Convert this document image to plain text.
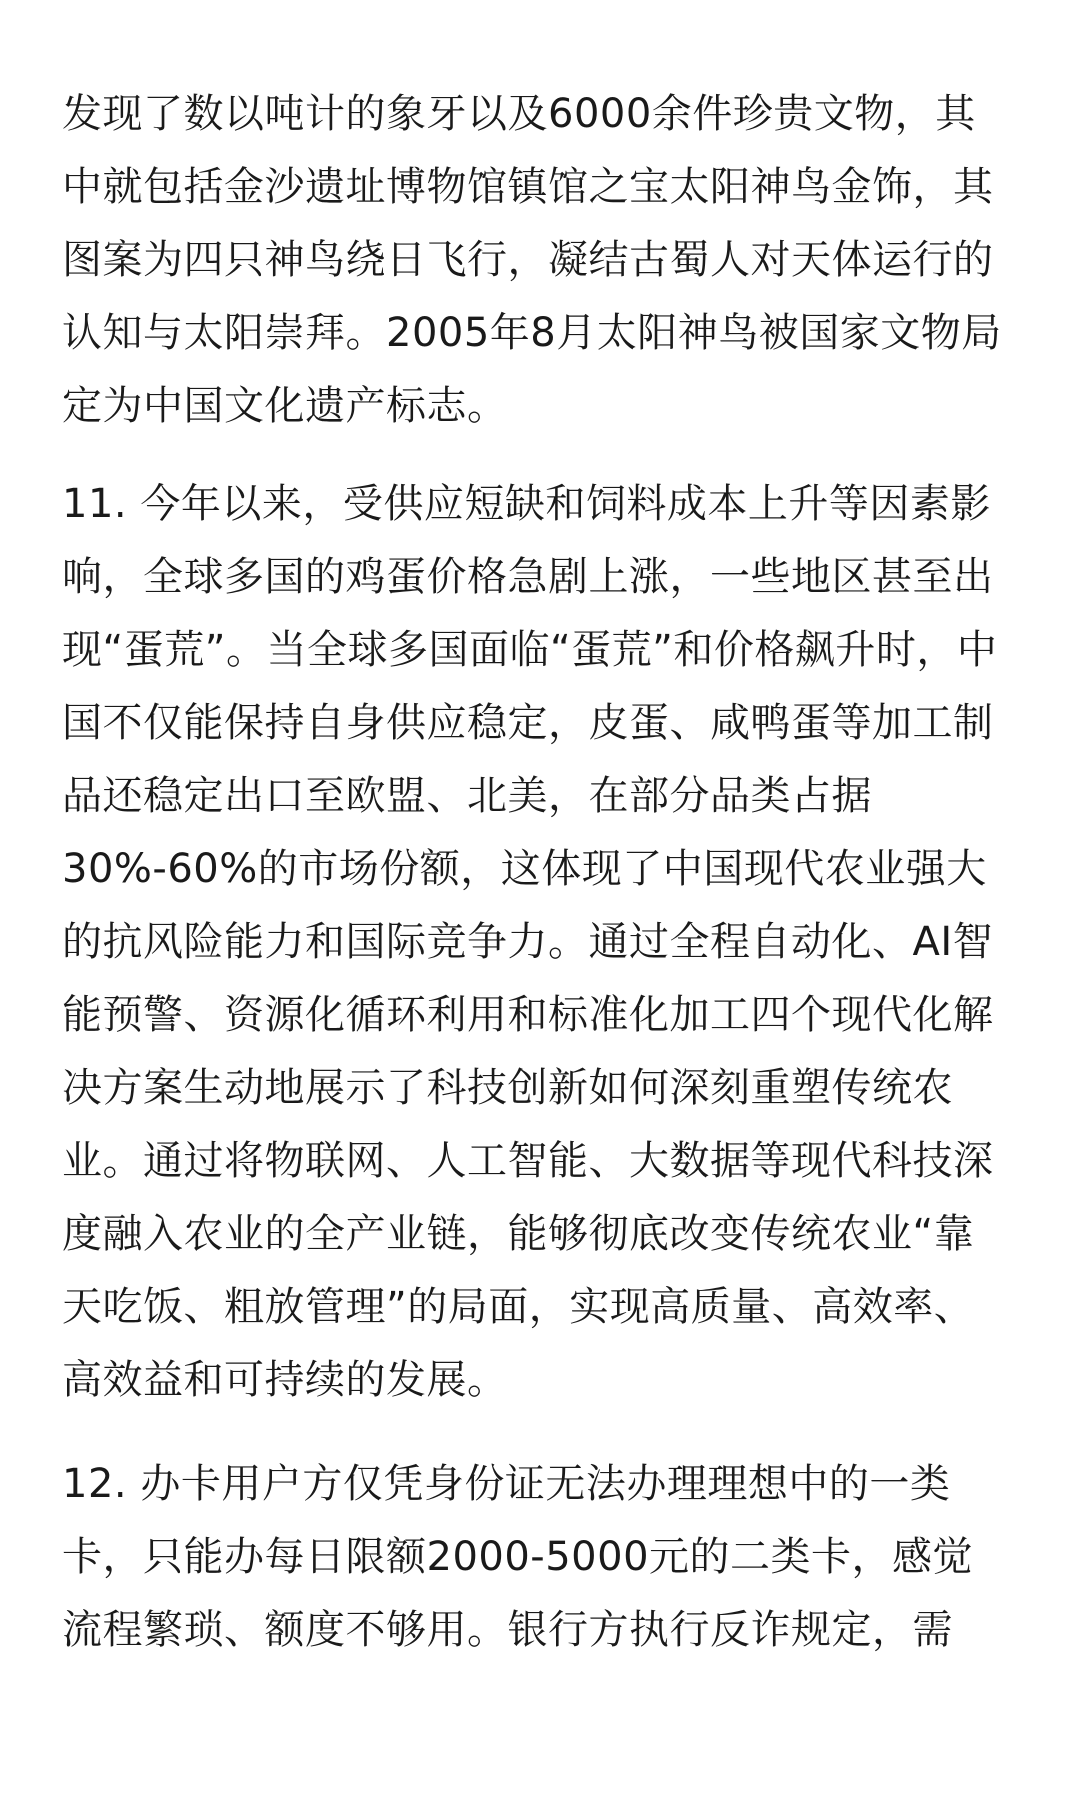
发现了数以吨计的象牙以及6000余件珍贵文物，其
中就包括金沙遗址博物馆镇馆之宝太阳神鸟金饰，其
图案为四只神鸟绕日飞行，凝结古蜀人对天体运行的
认知与太阳崇拜。2005年8月太阳神鸟被国家文物局
定为中国文化遗产标志。
11. 今年以来，受供应短缺和饲料成本上升等因素影
响，全球多国的鸡蛋价格急剧上涨，一些地区甚至出
现“蛋荒”。当全球多国面临“蛋荒”和价格飙升时，中
国不仅能保持自身供应稳定，皮蛋、咸鸭蛋等加工制
品还稳定出口至欧盟、北美，在部分品类占据
30%-60%的市场份额，这体现了中国现代农业强大
的抗风险能力和国际竞争力。通过全程自动化、AI智
能预警、资源化循环利用和标准化加工四个现代化解
决方案生动地展示了科技创新如何深刻重塑传统农
业。通过将物联网、人工智能、大数据等现代科技深
度融入农业的全产业链，能够彻底改变传统农业“靠
天吃饭、粗放管理”的局面，实现高质量、高效率、
高效益和可持续的发展。
12. 办卡用户方仅凭身份证无法办理理想中的一类
卡，只能办每日限额2000-5000元的二类卡，感觉
流程繁琐、额度不够用。银行方执行反诈规定，需
